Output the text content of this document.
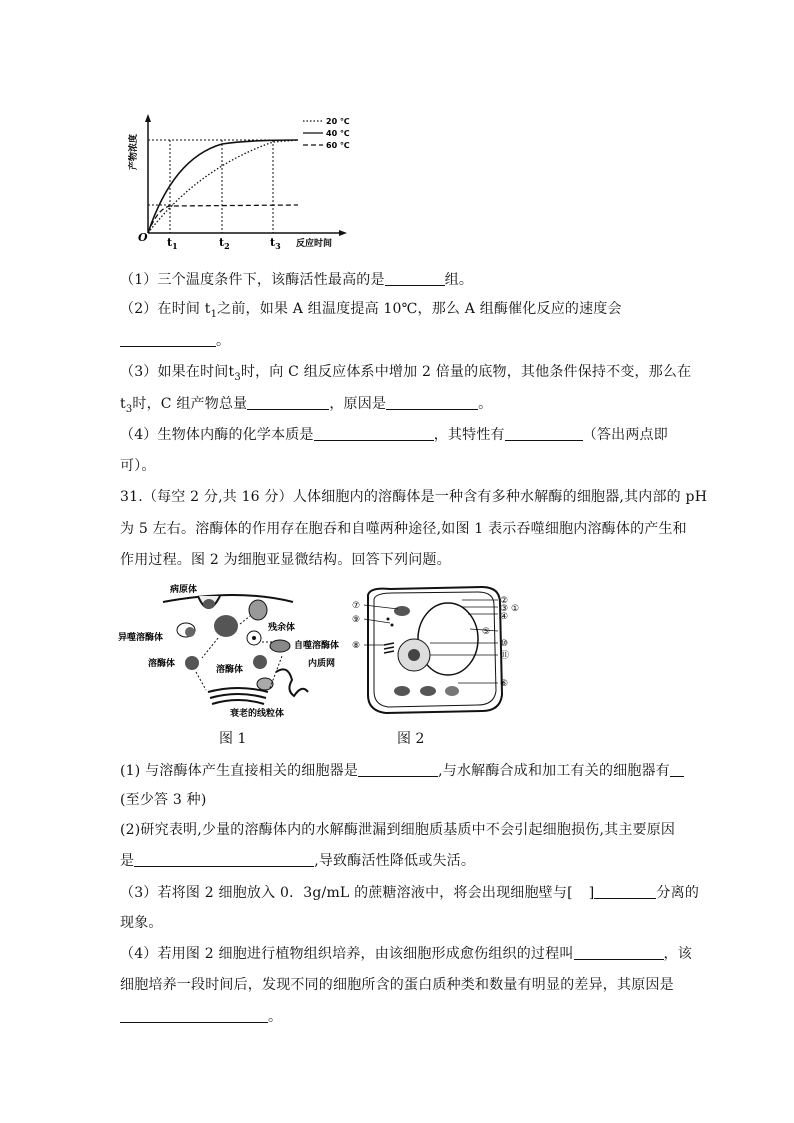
产物浓度
O	反应时间
$t_1$	$t_2$	$t_3$
20 ℃
40 ℃
60 ℃
（1）三个温度条件下，该酶活性最高的是	组。
（2）在时间 $t_1$之前，如果 A 组温度提高 10℃，那么 A 组酶催化反应的速度会
。
（3）如果在时间$t_3$时，向 C 组反应体系中增加 2 倍量的底物，其他条件保持不变，那么在
$t_3$时，C 组产物总量	，原因是	。
（4）生物体内酶的化学本质是	，其特性有	（答出两点即
可）。
31.（每空 2 分,共 16 分）人体细胞内的溶酶体是一种含有多种水解酶的细胞器,其内部的 pH
为 5 左右。溶酶体的作用存在胞吞和自噬两种途径,如图 1 表示吞噬细胞内溶酶体的产生和
作用过程。图 2 为细胞亚显微结构。回答下列问题。
病原体
残余体
异噬溶酶体
溶酶体
自噬溶酶体
溶酶体
内质网
衰老的线粒体
图 1
②
③
④
①
⑤
⑩
⑪
⑥
⑦
⑨
⑧
图 2
(1) 与溶酶体产生直接相关的细胞器是	,与水解酶合成和加工有关的细胞器有
(至少答 3 种)
(2)研究表明,少量的溶酶体内的水解酶泄漏到细胞质基质中不会引起细胞损伤,其主要原因
是	,导致酶活性降低或失活。
（3）若将图 2 细胞放入 0．3g/mL 的蔗糖溶液中，将会出现细胞壁与[ ]	分离的
现象。
（4）若用图 2 细胞进行植物组织培养，由该细胞形成愈伤组织的过程叫	，该
细胞培养一段时间后，发现不同的细胞所含的蛋白质种类和数量有明显的差异，其原因是
。
